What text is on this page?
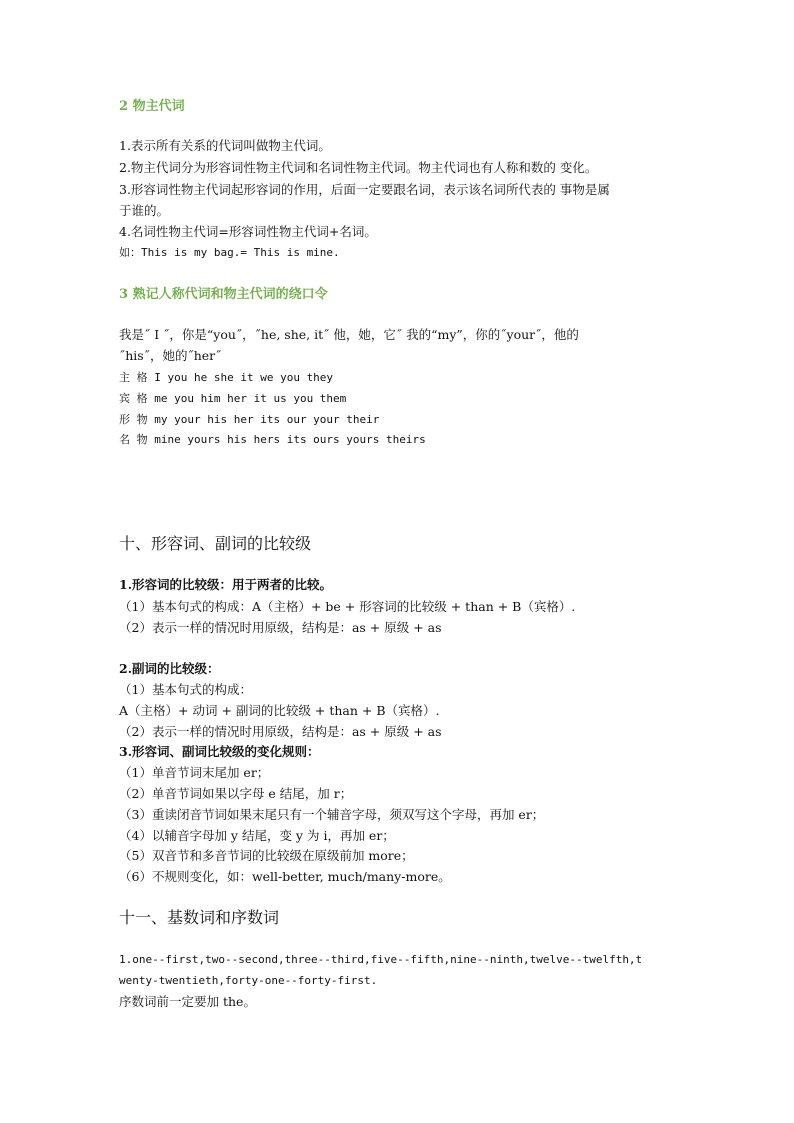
2 物主代词
1.表示所有关系的代词叫做物主代词。
2.物主代词分为形容词性物主代词和名词性物主代词。物主代词也有人称和数的 变化。
3.形容词性物主代词起形容词的作用，后面一定要跟名词，表示该名词所代表的 事物是属
于谁的。
4.名词性物主代词=形容词性物主代词+名词。
如：This is my bag.= This is mine.
3 熟记人称代词和物主代词的绕口令
我是˝ I ˝，你是“you˝，˝he, she, it˝ 他，她，它˝ 我的“my”，你的˝your˝，他的
˝his˝，她的˝her˝
主 格 I you he she it we you they
宾 格 me you him her it us you them
形 物 my your his her its our your their
名 物 mine yours his hers its ours yours theirs
十、形容词、副词的比较级
1.形容词的比较级：用于两者的比较。
（1）基本句式的构成：A（主格）+ be + 形容词的比较级 + than + B（宾格）.
（2）表示一样的情况时用原级，结构是：as + 原级 + as
2.副词的比较级：
（1）基本句式的构成：
A（主格）+ 动词 + 副词的比较级 + than + B（宾格）.
（2）表示一样的情况时用原级，结构是：as + 原级 + as
3.形容词、副词比较级的变化规则：
（1）单音节词末尾加 er；
（2）单音节词如果以字母 e 结尾，加 r；
（3）重读闭音节词如果末尾只有一个辅音字母，须双写这个字母，再加 er；
（4）以辅音字母加 y 结尾，变 y 为 i，再加 er；
（5）双音节和多音节词的比较级在原级前加 more；
（6）不规则变化，如：well-better, much/many-more。
十一、基数词和序数词
1.one--first,two--second,three--third,five--fifth,nine--ninth,twelve--twelfth,t
wenty-twentieth,forty-one--forty-first.
序数词前一定要加 the。
